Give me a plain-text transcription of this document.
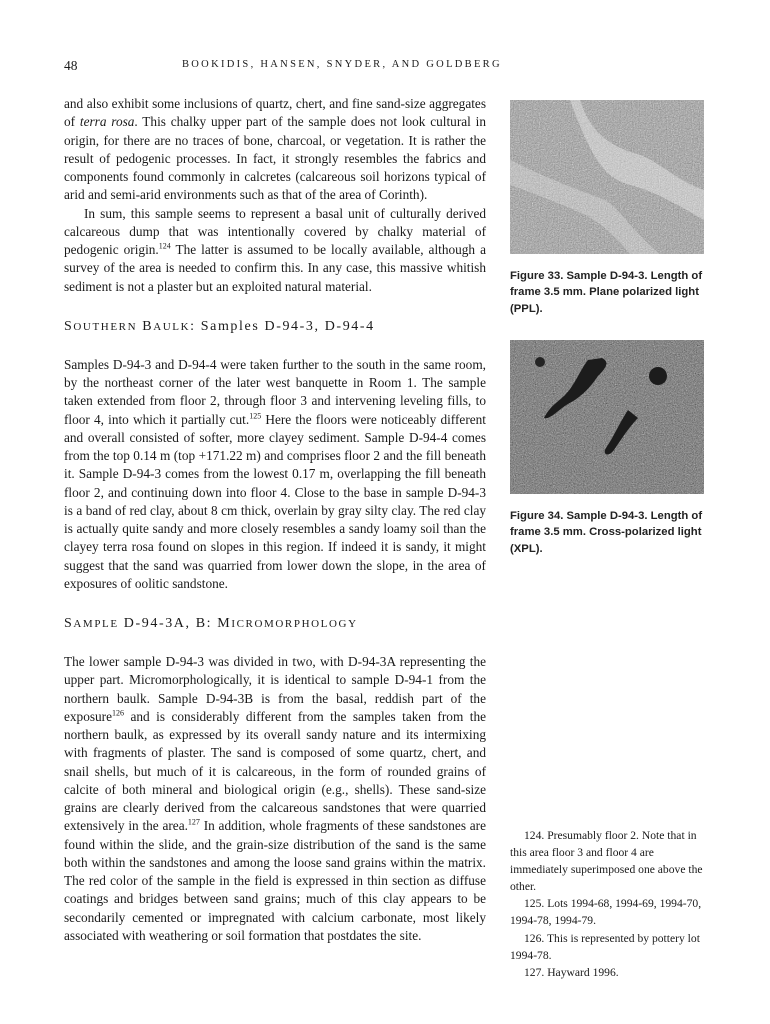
48	BOOKIDIS, HANSEN, SNYDER, AND GOLDBERG

and also exhibit some inclusions of quartz, chert, and fine sand-size aggregates of terra rosa. This chalky upper part of the sample does not look cultural in origin, for there are no traces of bone, charcoal, or vegetation. It is rather the result of pedogenic processes. In fact, it strongly resembles the fabrics and components found commonly in calcretes (calcareous soil horizons typical of arid and semi-arid environments such as that of the area of Corinth).

In sum, this sample seems to represent a basal unit of culturally derived calcareous dump that was intentionally covered by chalky material of pedogenic origin.$^{124}$ The latter is assumed to be locally available, although a survey of the area is needed to confirm this. In any case, this massive whitish sediment is not a plaster but an exploited natural material.

SOUTHERN BAULK: Samples D-94-3, D-94-4

Samples D-94-3 and D-94-4 were taken further to the south in the same room, by the northeast corner of the later west banquette in Room 1. The sample taken extended from floor 2, through floor 3 and intervening leveling fills, to floor 4, into which it partially cut.$^{125}$ Here the floors were noticeably different and overall consisted of softer, more clayey sediment. Sample D-94-4 comes from the top 0.14 m (top +171.22 m) and comprises floor 2 and the fill beneath it. Sample D-94-3 comes from the lowest 0.17 m, overlapping the fill beneath floor 2, and continuing down into floor 4. Close to the base in sample D-94-3 is a band of red clay, about 8 cm thick, overlain by gray silty clay. The red clay is actually quite sandy and more closely resembles a sandy loamy soil than the clayey terra rosa found on slopes in this region. If indeed it is sandy, it might suggest that the sand was quarried from lower down the slope, in the area of exposures of oolitic sandstone.

SAMPLE D-94-3A, B: MICROMORPHOLOGY

The lower sample D-94-3 was divided in two, with D-94-3A representing the upper part. Micromorphologically, it is identical to sample D-94-1 from the northern baulk. Sample D-94-3B is from the basal, reddish part of the exposure$^{126}$ and is considerably different from the samples taken from the northern baulk, as expressed by its overall sandy nature and its intermixing with fragments of plaster. The sand is composed of some quartz, chert, and snail shells, but much of it is calcareous, in the form of rounded grains of calcite of both mineral and biological origin (e.g., shells). These sand-size grains are clearly derived from the calcareous sandstones that were quarried extensively in the area.$^{127}$ In addition, whole fragments of these sandstones are found within the slide, and the grain-size distribution of the sand is the same both within the sandstones and among the loose sand grains within the matrix. The red color of the sample in the field is expressed in thin section as diffuse coatings and bridges between sand grains; much of this clay appears to be secondarily cemented or impregnated with calcium carbonate, most likely associated with weathering or soil formation that postdates the site.

Figure 33. Sample D-94-3. Length of frame 3.5 mm. Plane polarized light (PPL).
Figure 34. Sample D-94-3. Length of frame 3.5 mm. Cross-polarized light (XPL).

124. Presumably floor 2. Note that in this area floor 3 and floor 4 are immediately superimposed one above the other.

125. Lots 1994-68, 1994-69, 1994-70, 1994-78, 1994-79.

126. This is represented by pottery lot 1994-78.

127. Hayward 1996.
